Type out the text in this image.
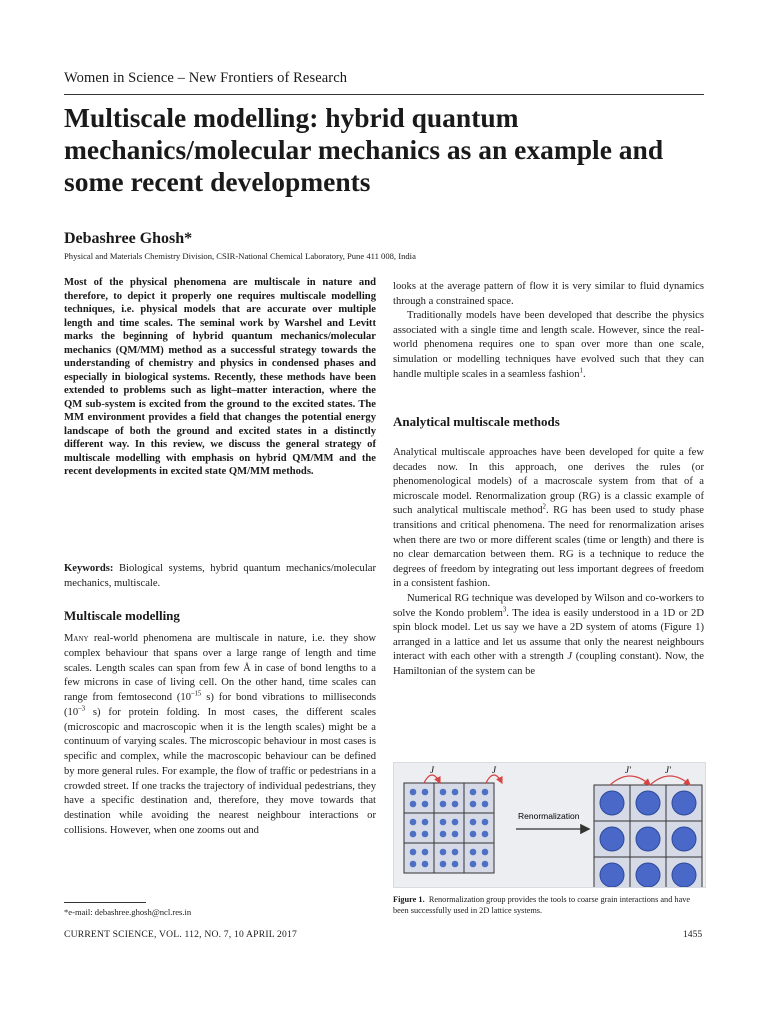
Women in Science – New Frontiers of Research
Multiscale modelling: hybrid quantum mechanics/molecular mechanics as an example and some recent developments
Debashree Ghosh*
Physical and Materials Chemistry Division, CSIR-National Chemical Laboratory, Pune 411 008, India
Most of the physical phenomena are multiscale in nature and therefore, to depict it properly one requires multiscale modelling techniques, i.e. physical models that are accurate over multiple length and time scales. The seminal work by Warshel and Levitt marks the beginning of hybrid quantum mechanics/molecular mechanics (QM/MM) method as a successful strategy towards the understanding of chemistry and physics in condensed phases and especially in biological systems. Recently, these methods have been extended to problems such as light–matter interaction, where the QM sub-system is excited from the ground to the excited states. The MM environment provides a field that changes the potential energy landscape of both the ground and excited states in a distinctly different way. In this review, we discuss the general strategy of multiscale modelling with emphasis on hybrid QM/MM and the recent developments in excited state QM/MM methods.
Keywords: Biological systems, hybrid quantum mechanics/molecular mechanics, multiscale.
Multiscale modelling
Many real-world phenomena are multiscale in nature, i.e. they show complex behaviour that spans over a large range of length and time scales. Length scales can span from few Å in case of bond lengths to a few microns in case of living cell. On the other hand, time scales can range from femtosecond ($10^{-15}$ s) for bond vibrations to milliseconds ($10^{-3}$ s) for protein folding. In most cases, the different scales (microscopic and macroscopic when it is the length scales) might be a continuum of varying scales. The microscopic behaviour in most cases is specific and complex, while the macroscopic behaviour can be defined by more general rules. For example, the flow of traffic or pedestrians in a crowded street. If one tracks the trajectory of individual pedestrians, they have a specific destination and, therefore, they move towards that destination while avoiding the nearest neighbour interactions or collisions. However, when one zooms out and
*e-mail: debashree.ghosh@ncl.res.in
looks at the average pattern of flow it is very similar to fluid dynamics through a constrained space.
Traditionally models have been developed that describe the physics associated with a single time and length scale. However, since the real-world phenomena requires one to span over more than one scale, simulation or modelling techniques have evolved such that they can handle multiple scales in a seamless fashion$^1$.
Analytical multiscale methods
Analytical multiscale approaches have been developed for quite a few decades now. In this approach, one derives the rules (or phenomenological models) of a macroscale system from that of a microscale model. Renormalization group (RG) is a classic example of such analytical multiscale method$^2$. RG has been used to study phase transitions and critical phenomena. The need for renormalization arises when there are two or more different scales (time or length) and there is no clear demarcation between them. RG is a technique to reduce the degrees of freedom by integrating out less important degrees of freedom in a consistent fashion.
Numerical RG technique was developed by Wilson and co-workers to solve the Kondo problem$^3$. The idea is easily understood in a 1D or 2D spin block model. Let us say we have a 2D system of atoms (Figure 1) arranged in a lattice and let us assume that only the nearest neighbours interact with each other with a strength J (coupling constant). Now, the Hamiltonian of the system can be
J	J	J′	J′
Renormalization
Figure 1. Renormalization group provides the tools to coarse grain interactions and have been successfully used in 2D lattice systems.
CURRENT SCIENCE, VOL. 112, NO. 7, 10 APRIL 2017	1455
